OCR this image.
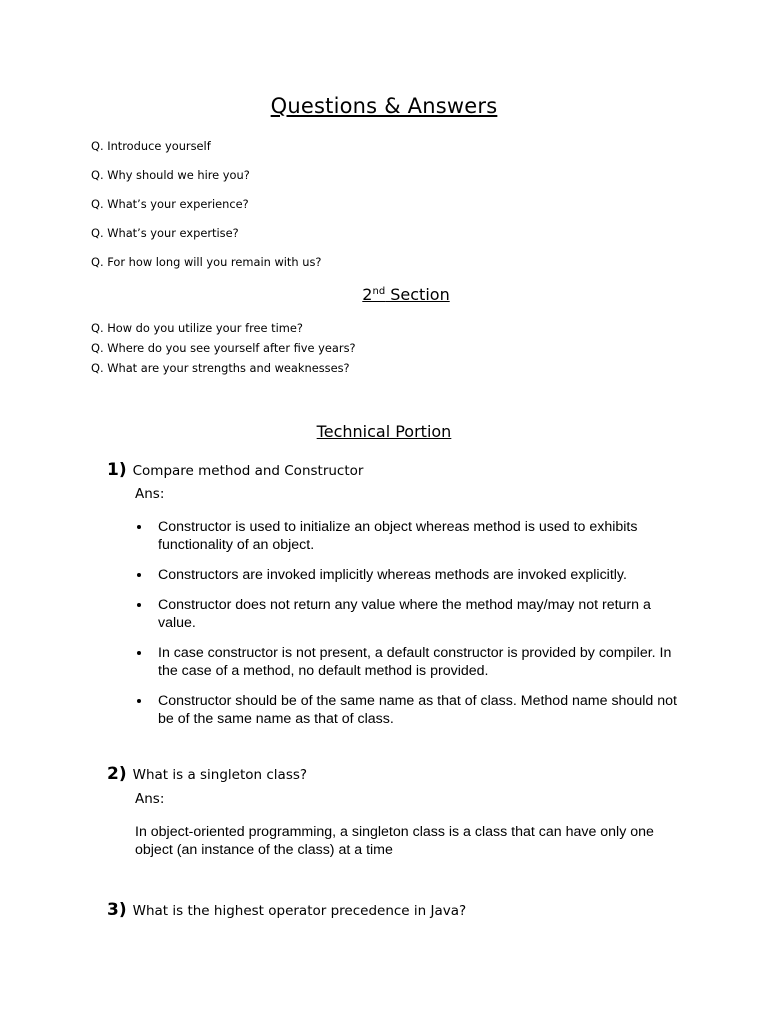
Questions & Answers
Q. Introduce yourself
Q. Why should we hire you?
Q. What’s your experience?
Q. What’s your expertise?
Q. For how long will you remain with us?
2nd Section
Q. How do you utilize your free time?
Q. Where do you see yourself after five years?
Q. What are your strengths and weaknesses?
Technical Portion
1) Compare method and Constructor
Ans:
Constructor is used to initialize an object whereas method is used to exhibits functionality of an object.
Constructors are invoked implicitly whereas methods are invoked explicitly.
Constructor does not return any value where the method may/may not return a value.
In case constructor is not present, a default constructor is provided by compiler. In the case of a method, no default method is provided.
Constructor should be of the same name as that of class. Method name should not be of the same name as that of class.
2) What is a singleton class?
Ans:
In object-oriented programming, a singleton class is a class that can have only one object (an instance of the class) at a time
3) What is the highest operator precedence in Java?
